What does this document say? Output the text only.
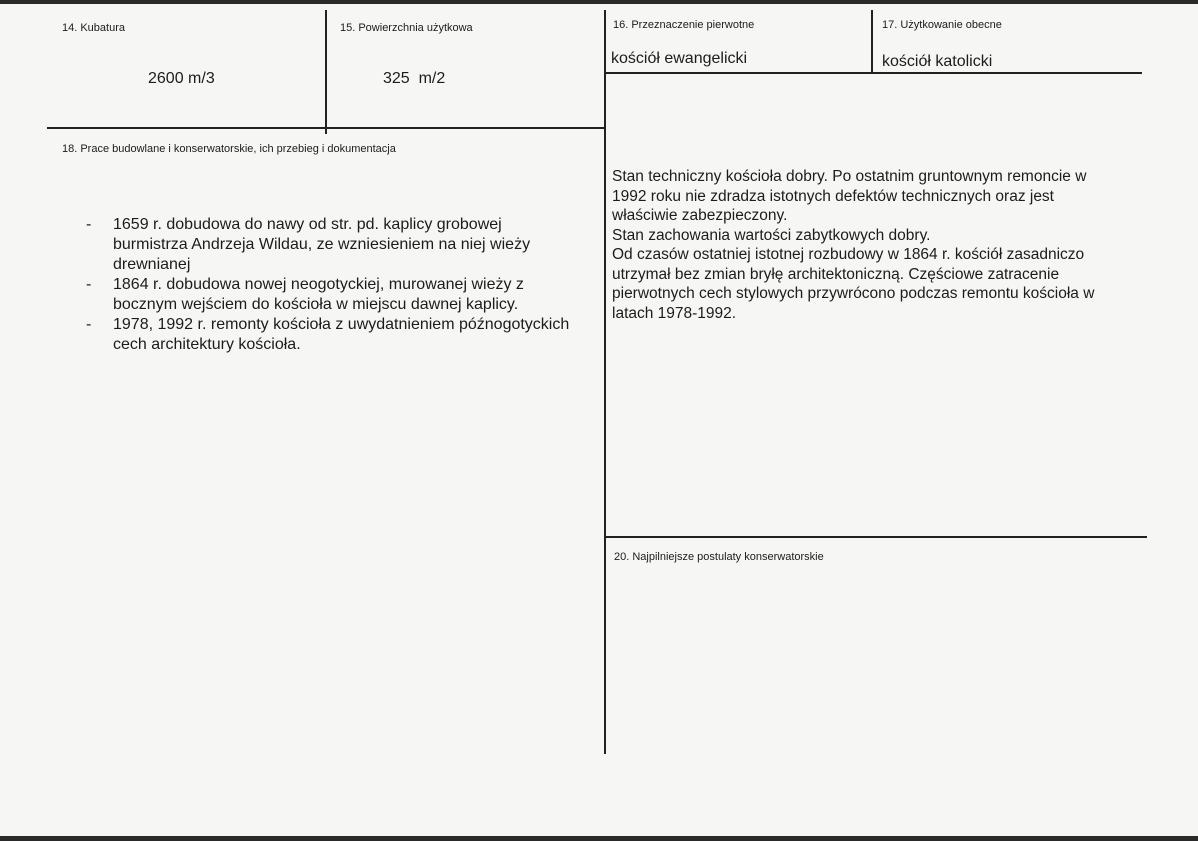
14. Kubatura
2600 m/3
15. Powierzchnia użytkowa
325  m/2
16. Przeznaczenie pierwotne
kościół ewangelicki
17. Użytkowanie obecne
kościół katolicki
18. Prace budowlane i konserwatorskie, ich przebieg i dokumentacja
- 1659 r. dobudowa do nawy od str. pd. kaplicy grobowej
burmistrza Andrzeja Wildau, ze wzniesieniem na niej wieży
drewnianej
- 1864 r. dobudowa nowej neogotyckiej, murowanej wieży z
bocznym wejściem do kościoła w miejscu dawnej kaplicy.
- 1978, 1992 r. remonty kościoła z uwydatnieniem późnogotyckich
cech architektury kościoła.
Stan techniczny kościoła dobry. Po ostatnim gruntownym remoncie w
1992 roku nie zdradza istotnych defektów technicznych oraz jest
właściwie zabezpieczony.
Stan zachowania wartości zabytkowych dobry.
Od czasów ostatniej istotnej rozbudowy w 1864 r. kościół zasadniczo
utrzymał bez zmian bryłę architektoniczną. Częściowe zatracenie
pierwotnych cech stylowych przywrócono podczas remontu kościoła w
latach 1978-1992.
20. Najpilniejsze postulaty konserwatorskie
